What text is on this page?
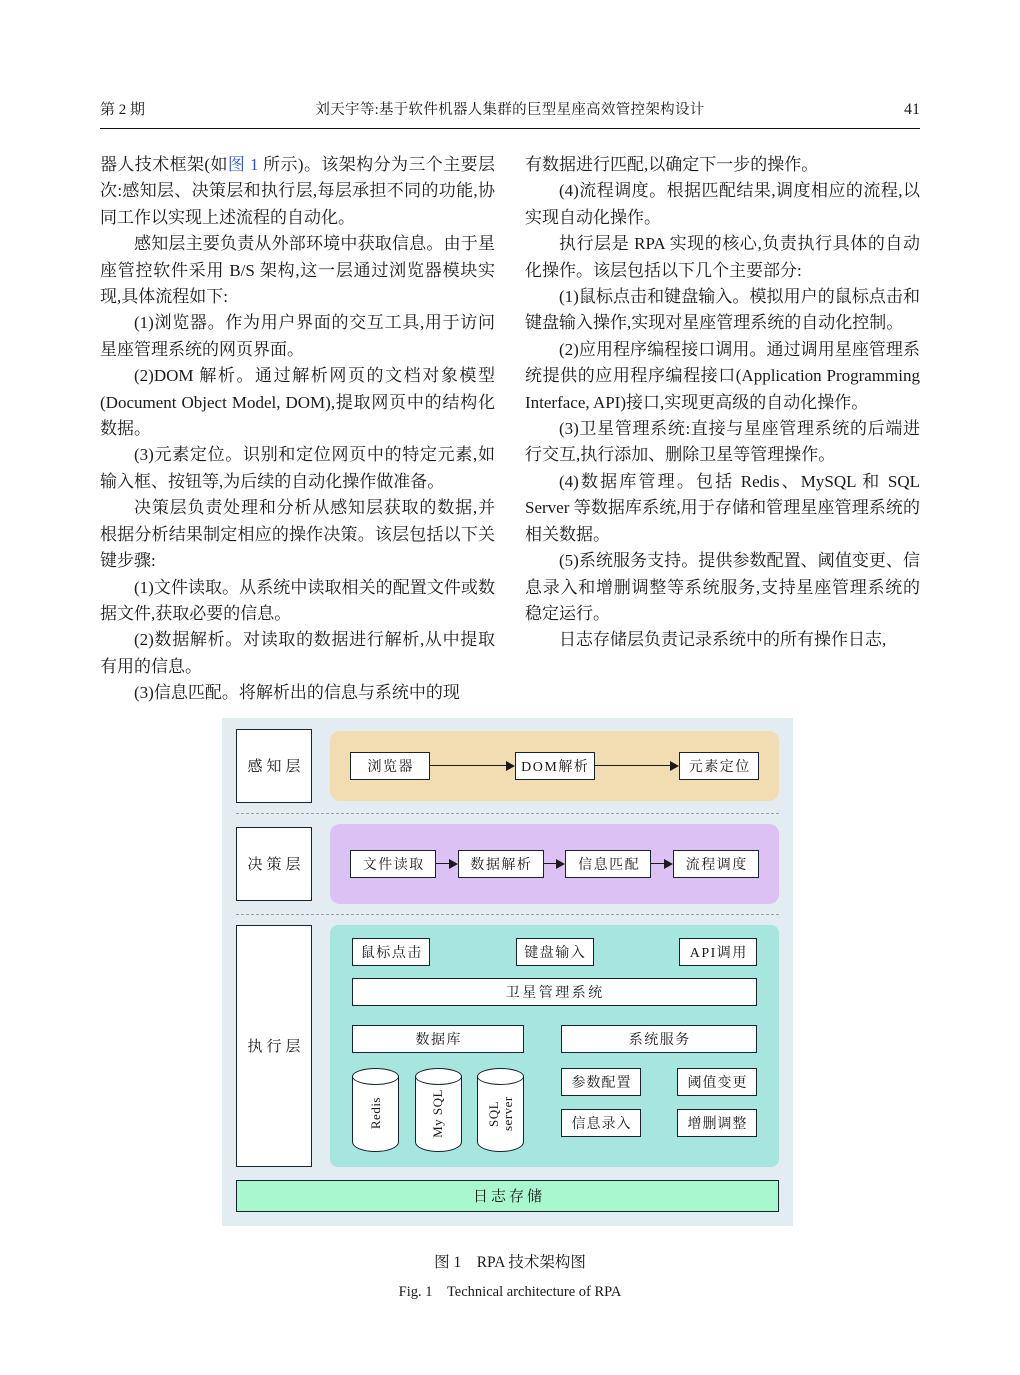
第 2 期	刘天宇等:基于软件机器人集群的巨型星座高效管控架构设计	41

器人技术框架(如图 1 所示)。该架构分为三个主要层次:感知层、决策层和执行层,每层承担不同的功能,协同工作以实现上述流程的自动化。

感知层主要负责从外部环境中获取信息。由于星座管控软件采用 B/S 架构,这一层通过浏览器模块实现,具体流程如下:

(1)浏览器。作为用户界面的交互工具,用于访问星座管理系统的网页界面。

(2)DOM 解析。通过解析网页的文档对象模型(Document Object Model, DOM),提取网页中的结构化数据。

(3)元素定位。识别和定位网页中的特定元素,如输入框、按钮等,为后续的自动化操作做准备。

决策层负责处理和分析从感知层获取的数据,并根据分析结果制定相应的操作决策。该层包括以下关键步骤:

(1)文件读取。从系统中读取相关的配置文件或数据文件,获取必要的信息。

(2)数据解析。对读取的数据进行解析,从中提取有用的信息。

(3)信息匹配。将解析出的信息与系统中的现

有数据进行匹配,以确定下一步的操作。

(4)流程调度。根据匹配结果,调度相应的流程,以实现自动化操作。

执行层是 RPA 实现的核心,负责执行具体的自动化操作。该层包括以下几个主要部分:

(1)鼠标点击和键盘输入。模拟用户的鼠标点击和键盘输入操作,实现对星座管理系统的自动化控制。

(2)应用程序编程接口调用。通过调用星座管理系统提供的应用程序编程接口(Application Programming Interface, API)接口,实现更高级的自动化操作。

(3)卫星管理系统:直接与星座管理系统的后端进行交互,执行添加、删除卫星等管理操作。

(4)数据库管理。包括 Redis、MySQL 和 SQL Server 等数据库系统,用于存储和管理星座管理系统的相关数据。

(5)系统服务支持。提供参数配置、阈值变更、信息录入和增删调整等系统服务,支持星座管理系统的稳定运行。

日志存储层负责记录系统中的所有操作日志,

感知层	浏览器	DOM解析	元素定位
决策层	文件读取	数据解析	信息匹配	流程调度
执行层
鼠标点击	键盘输入	API调用
卫星管理系统
数据库	系统服务
Redis	My SQL	SQL server
参数配置	阈值变更
信息录入	增删调整
日志存储
图 1　RPA 技术架构图
Fig. 1　Technical architecture of RPA
